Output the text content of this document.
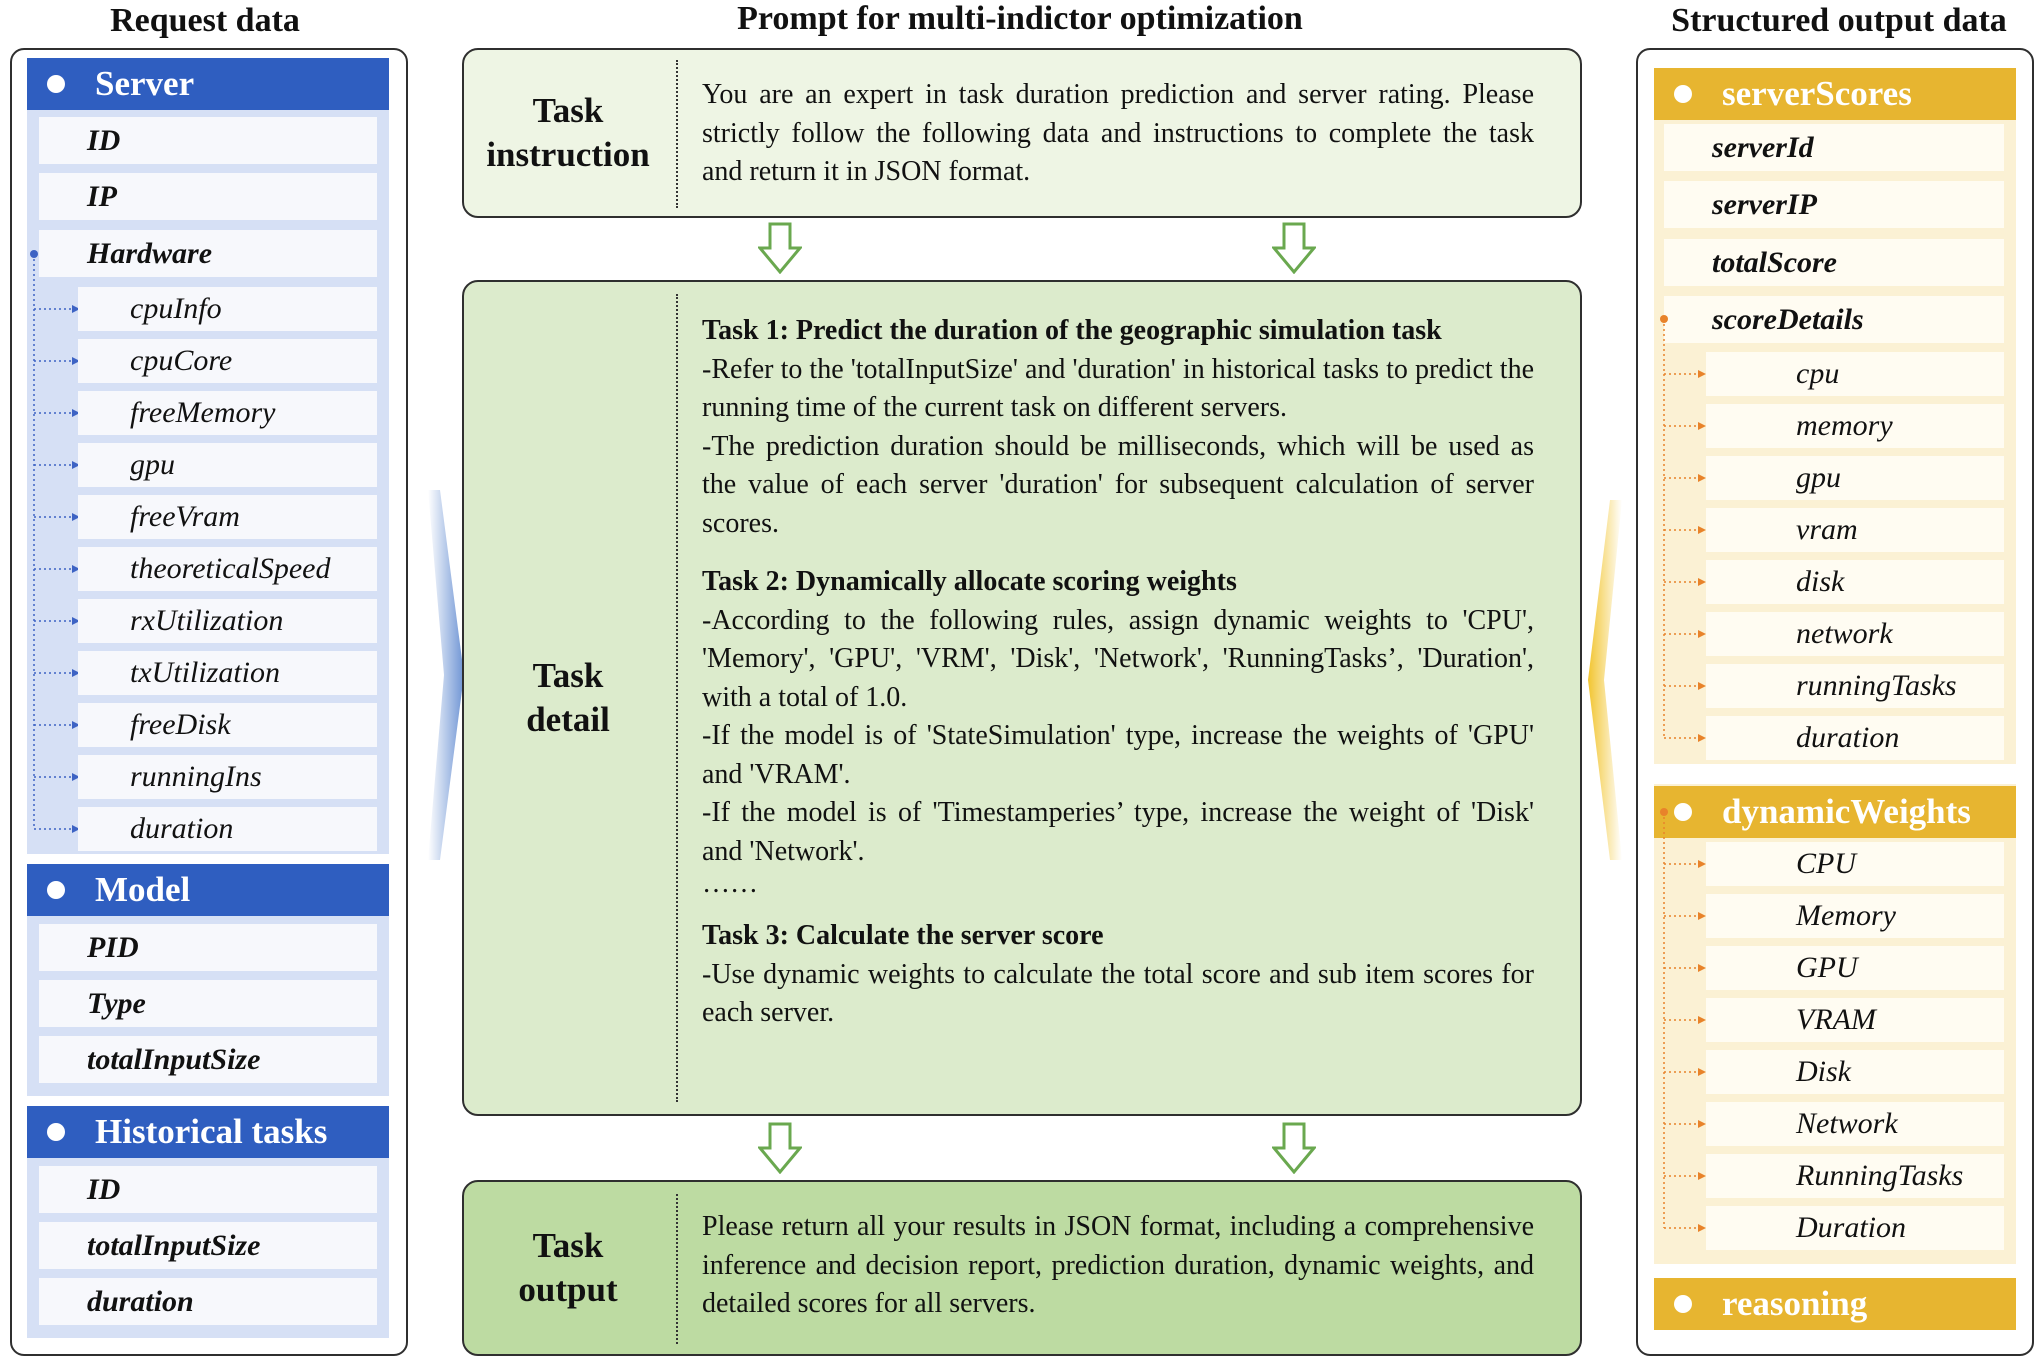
Request data	Prompt for multi-indictor optimization	Structured output data
Server
ID
IP
Hardware
Model
PID
Type
totalInputSize
Historical tasks
ID
totalInputSize
duration
Task
instruction
You are an expert in task duration prediction and server rating. Please strictly follow the following data and instructions to complete the task and return it in JSON format.
Task
detail

Task 1: Predict the duration of the geographic simulation task

-Refer to the 'totalInputSize' and 'duration' in historical tasks to predict the running time of the current task on different servers.

-The prediction duration should be milliseconds, which will be used as the value of each server 'duration' for subsequent calculation of server scores.

Task 2: Dynamically allocate scoring weights

-According to the following rules, assign dynamic weights to 'CPU', 'Memory', 'GPU', 'VRM', 'Disk', 'Network', 'RunningTasks’, 'Duration', with a total of 1.0.

-If the model is of 'StateSimulation' type, increase the weights of 'GPU' and 'VRAM'.

-If the model is of 'Timestamperies’ type, increase the weight of 'Disk' and 'Network'.

……

Task 3: Calculate the server score

-Use dynamic weights to calculate the total score and sub item scores for each server.

Task
output
Please return all your results in JSON format, including a comprehensive inference and decision report, prediction duration, dynamic weights, and detailed scores for all servers.
serverScores
serverId
serverIP
totalScore
scoreDetails
dynamicWeights
reasoning
cpuInfo
cpuCore
freeMemory
gpu
freeVram
theoreticalSpeed
rxUtilization
txUtilization
freeDisk
runningIns
duration
cpu
memory
gpu
vram
disk
network
runningTasks
duration
CPU
Memory
GPU
VRAM
Disk
Network
RunningTasks
Duration
